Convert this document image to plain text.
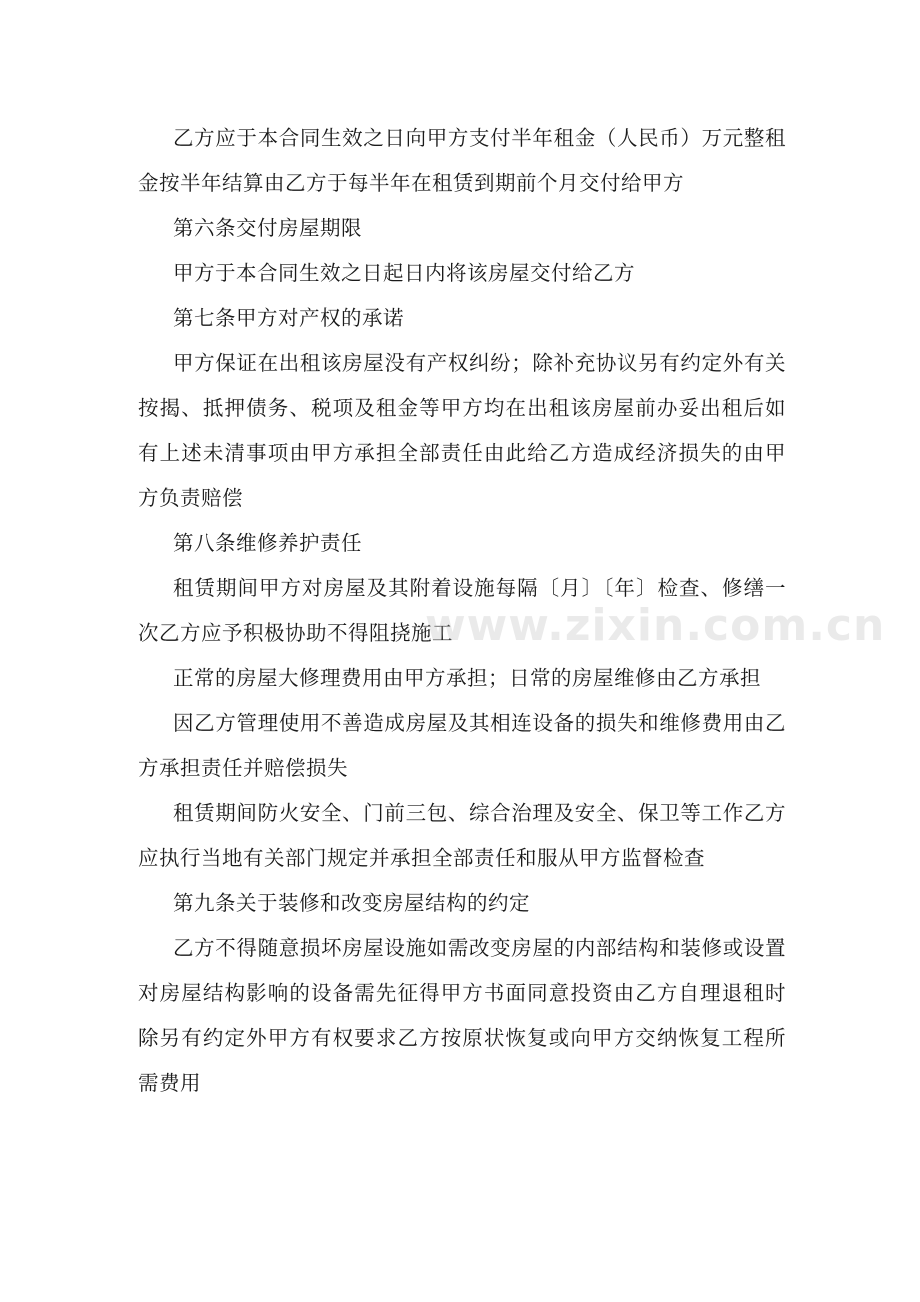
乙方应于本合同生效之日向甲方支付半年租金（人民币）万元整租金按半年结算由乙方于每半年在租赁到期前个月交付给甲方

第六条交付房屋期限

甲方于本合同生效之日起日内将该房屋交付给乙方

第七条甲方对产权的承诺

甲方保证在出租该房屋没有产权纠纷；除补充协议另有约定外有关按揭、抵押债务、税项及租金等甲方均在出租该房屋前办妥出租后如有上述未清事项由甲方承担全部责任由此给乙方造成经济损失的由甲方负责赔偿

第八条维修养护责任

租赁期间甲方对房屋及其附着设施每隔〔月〕〔年〕检查、修缮一次乙方应予积极协助不得阻挠施工

正常的房屋大修理费用由甲方承担；日常的房屋维修由乙方承担

因乙方管理使用不善造成房屋及其相连设备的损失和维修费用由乙方承担责任并赔偿损失

租赁期间防火安全、门前三包、综合治理及安全、保卫等工作乙方应执行当地有关部门规定并承担全部责任和服从甲方监督检查

第九条关于装修和改变房屋结构的约定

乙方不得随意损坏房屋设施如需改变房屋的内部结构和装修或设置对房屋结构影响的设备需先征得甲方书面同意投资由乙方自理退租时除另有约定外甲方有权要求乙方按原状恢复或向甲方交纳恢复工程所需费用

www.zixin.com.cn
